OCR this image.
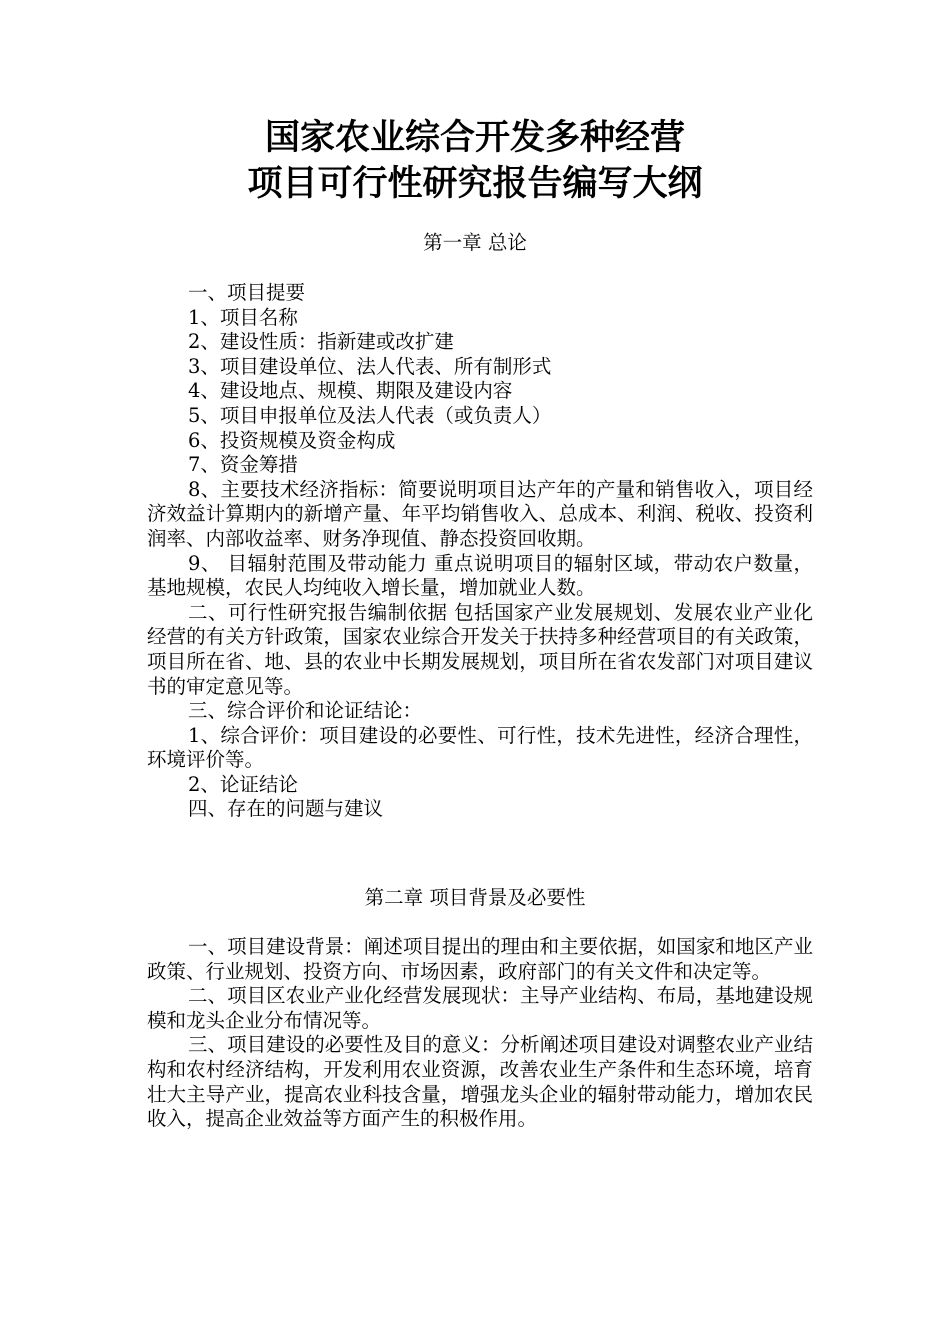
国家农业综合开发多种经营
项目可行性研究报告编写大纲
第一章 总论

一、项目提要

1、项目名称

2、建设性质：指新建或改扩建

3、项目建设单位、法人代表、所有制形式

4、建设地点、规模、期限及建设内容

5、项目申报单位及法人代表（或负责人）

6、投资规模及资金构成

7、资金筹措

8、主要技术经济指标：简要说明项目达产年的产量和销售收入，项目经济效益计算期内的新增产量、年平均销售收入、总成本、利润、税收、投资利润率、内部收益率、财务净现值、静态投资回收期。

9、 目辐射范围及带动能力 重点说明项目的辐射区域，带动农户数量，基地规模，农民人均纯收入增长量，增加就业人数。

二、可行性研究报告编制依据 包括国家产业发展规划、发展农业产业化经营的有关方针政策，国家农业综合开发关于扶持多种经营项目的有关政策，项目所在省、地、县的农业中长期发展规划，项目所在省农发部门对项目建议书的审定意见等。

三、综合评价和论证结论：

1、综合评价：项目建设的必要性、可行性，技术先进性，经济合理性，环境评价等。

2、论证结论

四、存在的问题与建议

第二章 项目背景及必要性

一、项目建设背景：阐述项目提出的理由和主要依据，如国家和地区产业政策、行业规划、投资方向、市场因素，政府部门的有关文件和决定等。

二、项目区农业产业化经营发展现状：主导产业结构、布局，基地建设规模和龙头企业分布情况等。

三、项目建设的必要性及目的意义：分析阐述项目建设对调整农业产业结构和农村经济结构，开发利用农业资源，改善农业生产条件和生态环境，培育壮大主导产业，提高农业科技含量，增强龙头企业的辐射带动能力，增加农民收入，提高企业效益等方面产生的积极作用。
